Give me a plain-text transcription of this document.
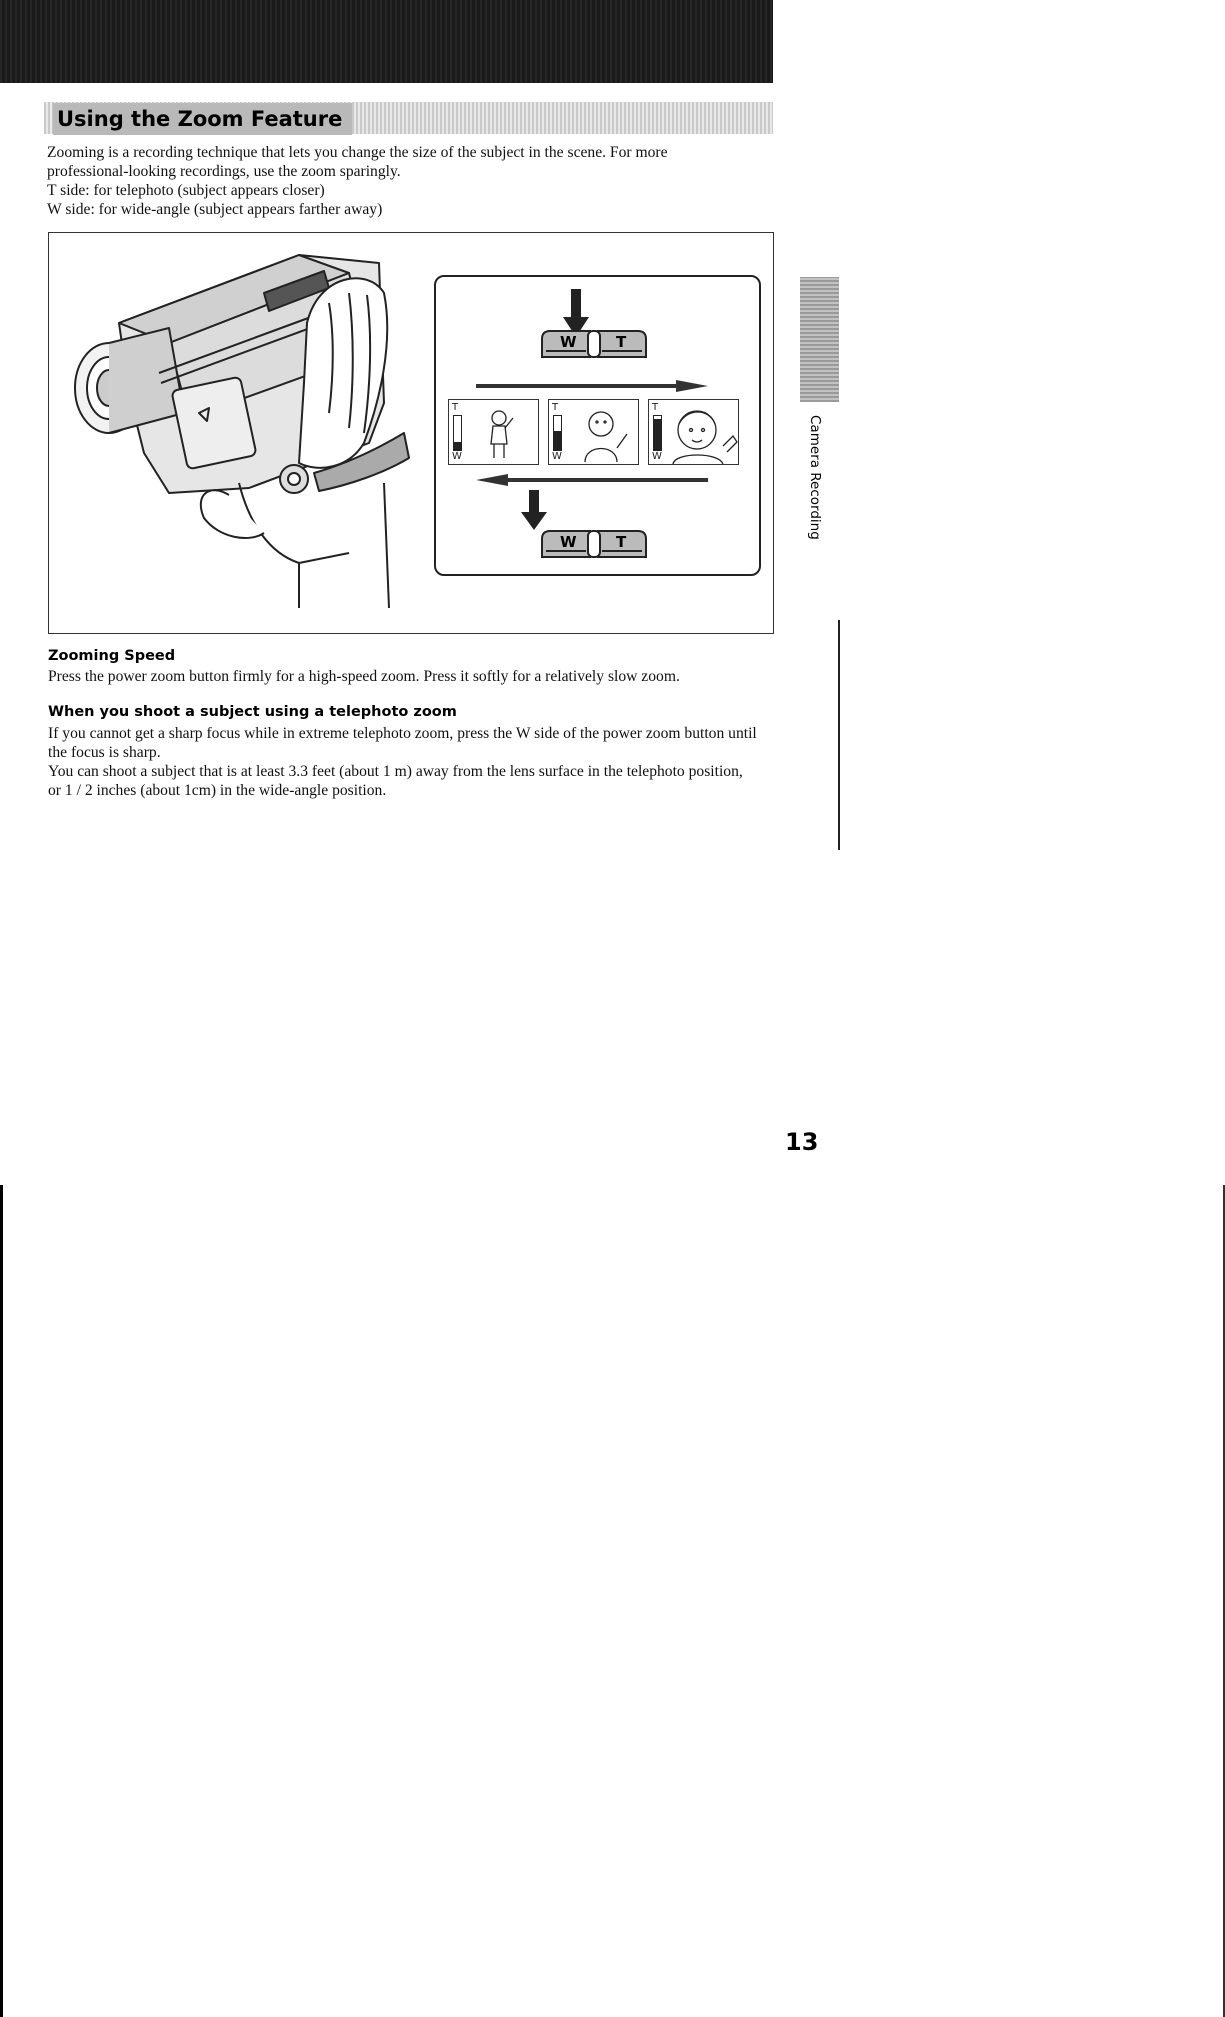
Using the Zoom Feature

Zooming is a recording technique that lets you change the size of the subject in the scene. For more professional-looking recordings, use the zoom sparingly.

T side: for telephoto (subject appears closer)

W side: for wide-angle (subject appears farther away)

W	T
T
W
T
W
T
W
W	T
Zooming Speed

Press the power zoom button firmly for a high-speed zoom. Press it softly for a relatively slow zoom.

When you shoot a subject using a telephoto zoom

If you cannot get a sharp focus while in extreme telephoto zoom, press the W side of the power zoom button until the focus is sharp.

You can shoot a subject that is at least 3.3 feet (about 1 m) away from the lens surface in the telephoto position, or 1 / 2 inches (about 1cm) in the wide-angle position.

Camera Recording
13
